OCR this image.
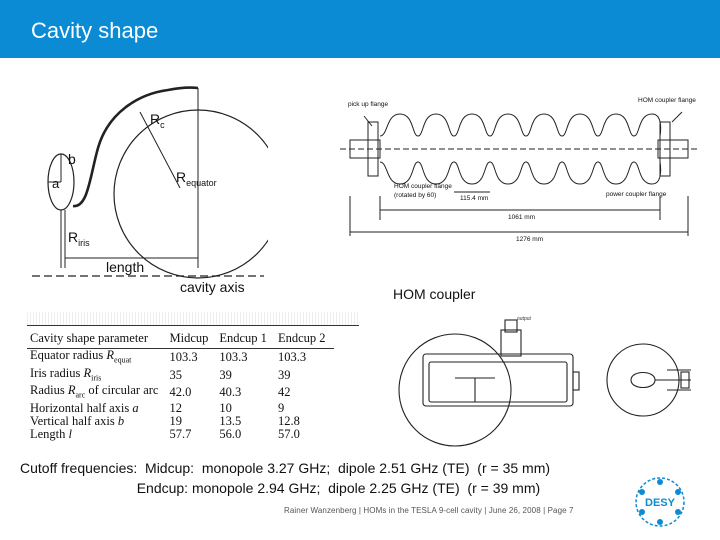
Cavity shape
$R_c$
b
a	$R_{equator}$
$R_{iris}$
length
cavity axis
pick up flange
HOM coupler flange
HOM coupler flange
(rotated by 60)	115.4 mm
power coupler flange
1061 mm
1276 mm
HOM coupler
output
Cavity shape parameter	Midcup	Endcup 1	Endcup 2
Equator radius $R_{equat}$	103.3	103.3	103.3
Iris radius $R_{iris}$	35	39	39
Radius $R_{arc}$ of circular arc	42.0	40.3	42
Horizontal half axis a	12	10	9
Vertical half axis b	19	13.5	12.8
Length l	57.7	56.0	57.0
Cutoff frequencies:  Midcup:  monopole 3.27 GHz;  dipole 2.51 GHz (TE)  (r = 35 mm)
Endcup: monopole 2.94 GHz;  dipole 2.25 GHz (TE)  (r = 39 mm)
Rainer Wanzenberg | HOMs in the TESLA 9-cell cavity | June 26, 2008 | Page 7
DESY
